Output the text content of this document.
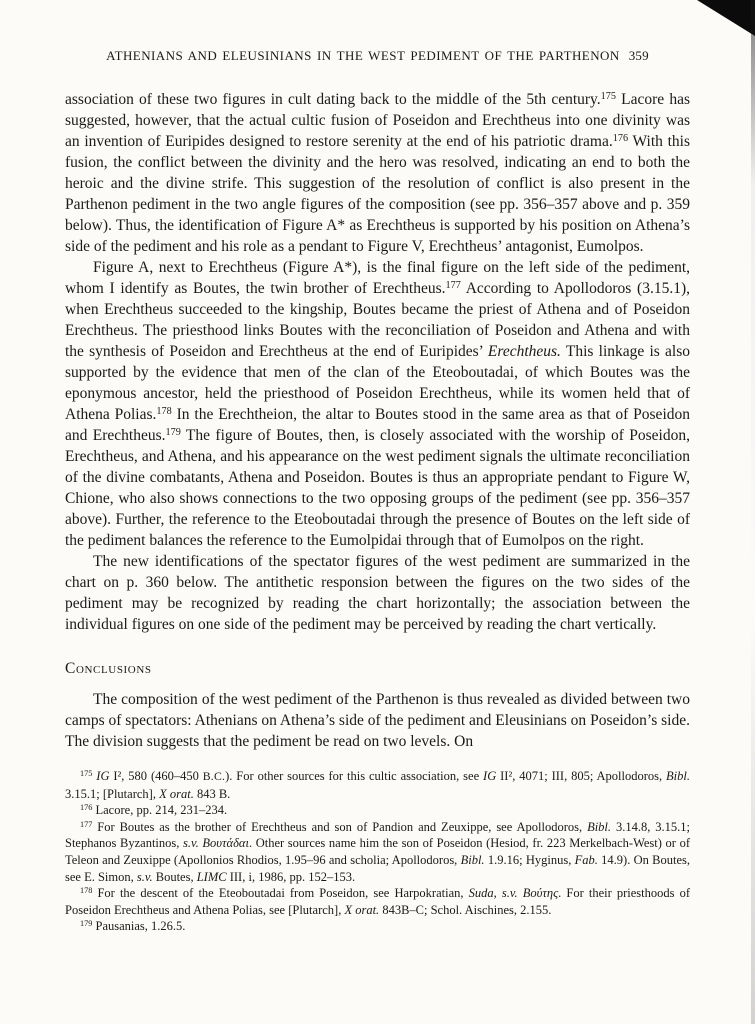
ATHENIANS AND ELEUSINIANS IN THE WEST PEDIMENT OF THE PARTHENON 359

association of these two figures in cult dating back to the middle of the 5th century.$^{175}$ Lacore has suggested, however, that the actual cultic fusion of Poseidon and Erechtheus into one divinity was an invention of Euripides designed to restore serenity at the end of his patriotic drama.$^{176}$ With this fusion, the conflict between the divinity and the hero was resolved, indicating an end to both the heroic and the divine strife. This suggestion of the resolution of conflict is also present in the Parthenon pediment in the two angle figures of the composition (see pp. 356–357 above and p. 359 below). Thus, the identification of Figure A* as Erechtheus is supported by his position on Athena’s side of the pediment and his role as a pendant to Figure V, Erechtheus’ antagonist, Eumolpos.

Figure A, next to Erechtheus (Figure A*), is the final figure on the left side of the pediment, whom I identify as Boutes, the twin brother of Erechtheus.$^{177}$ According to Apollodoros (3.15.1), when Erechtheus succeeded to the kingship, Boutes became the priest of Athena and of Poseidon Erechtheus. The priesthood links Boutes with the reconciliation of Poseidon and Athena and with the synthesis of Poseidon and Erechtheus at the end of Euripides’ Erechtheus. This linkage is also supported by the evidence that men of the clan of the Eteoboutadai, of which Boutes was the eponymous ancestor, held the priesthood of Poseidon Erechtheus, while its women held that of Athena Polias.$^{178}$ In the Erechtheion, the altar to Boutes stood in the same area as that of Poseidon and Erechtheus.$^{179}$ The figure of Boutes, then, is closely associated with the worship of Poseidon, Erechtheus, and Athena, and his appearance on the west pediment signals the ultimate reconciliation of the divine combatants, Athena and Poseidon. Boutes is thus an appropriate pendant to Figure W, Chione, who also shows connections to the two opposing groups of the pediment (see pp. 356–357 above). Further, the reference to the Eteoboutadai through the presence of Boutes on the left side of the pediment balances the reference to the Eumolpidai through that of Eumolpos on the right.

The new identifications of the spectator figures of the west pediment are summarized in the chart on p. 360 below. The antithetic responsion between the figures on the two sides of the pediment may be recognized by reading the chart horizontally; the association between the individual figures on one side of the pediment may be perceived by reading the chart vertically.

Conclusions

The composition of the west pediment of the Parthenon is thus revealed as divided between two camps of spectators: Athenians on Athena’s side of the pediment and Eleusinians on Poseidon’s side. The division suggests that the pediment be read on two levels. On

$^{175}$ IG I², 580 (460–450 B.C.). For other sources for this cultic association, see IG II², 4071; III, 805; Apollodoros, Bibl. 3.15.1; [Plutarch], X orat. 843 B.

$^{176}$ Lacore, pp. 214, 231–234.

$^{177}$ For Boutes as the brother of Erechtheus and son of Pandion and Zeuxippe, see Apollodoros, Bibl. 3.14.8, 3.15.1; Stephanos Byzantinos, s.v. Βουτάδαι. Other sources name him the son of Poseidon (Hesiod, fr. 223 Merkelbach-West) or of Teleon and Zeuxippe (Apollonios Rhodios, 1.95–96 and scholia; Apollodoros, Bibl. 1.9.16; Hyginus, Fab. 14.9). On Boutes, see E. Simon, s.v. Boutes, LIMC III, i, 1986, pp. 152–153.

$^{178}$ For the descent of the Eteoboutadai from Poseidon, see Harpokratian, Suda, s.v. Βούτης. For their priesthoods of Poseidon Erechtheus and Athena Polias, see [Plutarch], X orat. 843B–C; Schol. Aischines, 2.155.

$^{179}$ Pausanias, 1.26.5.
